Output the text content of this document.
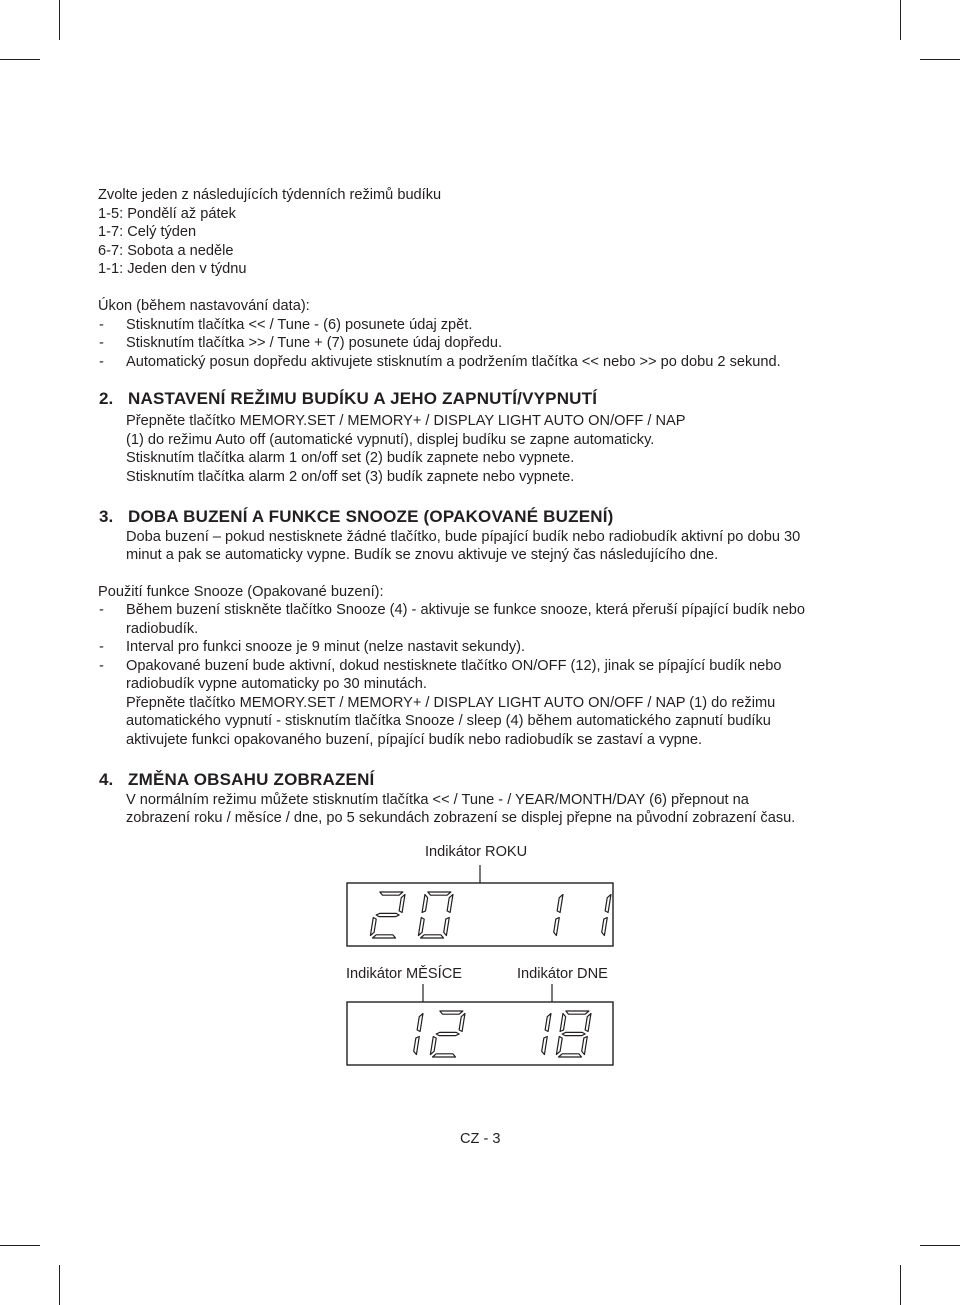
Zvolte jeden z následujících týdenních režimů budíku
1-5: Pondělí až pátek
1-7: Celý týden
6-7: Sobota a neděle
1-1: Jeden den v týdnu
Úkon (během nastavování data):
- Stisknutím tlačítka << / Tune - (6) posunete údaj zpět.
- Stisknutím tlačítka >> / Tune + (7) posunete údaj dopředu.
- Automatický posun dopředu aktivujete stisknutím a podržením tlačítka << nebo >> po dobu 2 sekund.
2. NASTAVENÍ REŽIMU BUDÍKU A JEHO ZAPNUTÍ/VYPNUTÍ
Přepněte tlačítko MEMORY.SET / MEMORY+ / DISPLAY LIGHT AUTO ON/OFF / NAP
(1) do režimu Auto off (automatické vypnutí), displej budíku se zapne automaticky.
Stisknutím tlačítka alarm 1 on/off set (2) budík zapnete nebo vypnete.
Stisknutím tlačítka alarm 2 on/off set (3) budík zapnete nebo vypnete.
3. DOBA BUZENÍ A FUNKCE SNOOZE (OPAKOVANÉ BUZENÍ)
Doba buzení – pokud nestisknete žádné tlačítko, bude pípající budík nebo radiobudík aktivní po dobu 30
minut a pak se automaticky vypne. Budík se znovu aktivuje ve stejný čas následujícího dne.
Použití funkce Snooze (Opakované buzení):
- Během buzení stiskněte tlačítko Snooze (4) - aktivuje se funkce snooze, která přeruší pípající budík nebo
radiobudík.
- Interval pro funkci snooze je 9 minut (nelze nastavit sekundy).
- Opakované buzení bude aktivní, dokud nestisknete tlačítko ON/OFF (12), jinak se pípající budík nebo
radiobudík vypne automaticky po 30 minutách.
Přepněte tlačítko MEMORY.SET / MEMORY+ / DISPLAY LIGHT AUTO ON/OFF / NAP (1) do režimu
automatického vypnutí - stisknutím tlačítka Snooze / sleep (4) během automatického zapnutí budíku
aktivujete funkci opakovaného buzení, pípající budík nebo radiobudík se zastaví a vypne.
4. ZMĚNA OBSAHU ZOBRAZENÍ
V normálním režimu můžete stisknutím tlačítka << / Tune - / YEAR/MONTH/DAY (6) přepnout na
zobrazení roku / měsíce / dne, po 5 sekundách zobrazení se displej přepne na původní zobrazení času.
Indikátor ROKU
Indikátor MĚSÍCE	Indikátor DNE
CZ - 3
